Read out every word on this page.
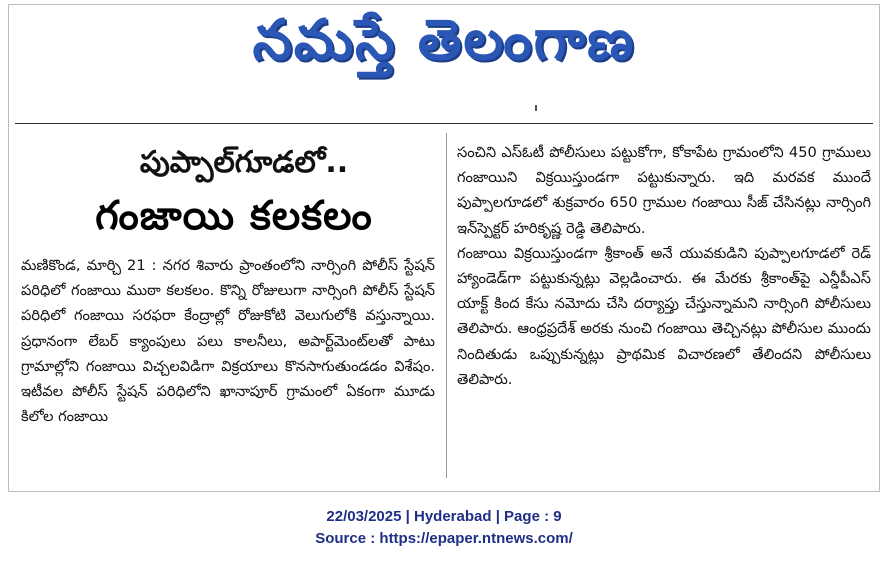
నమస్తే తెలంగాణ
పుప్పాల్‌గూడలో..
గంజాయి కలకలం

మణికొండ, మార్చి 21 : నగర శివారు ప్రాంతంలోని నార్సింగి పోలీస్ స్టేషన్ పరిధిలో గంజాయి ముఠా కలకలం. కొన్ని రోజులుగా నార్సింగి పోలీస్ స్టేషన్ పరిధిలో గంజాయి సరఫరా కేంద్రాల్లో రోజుకోటి వెలుగులోకి వస్తున్నాయి. ప్రధానంగా లేబర్ క్యాంపులు పలు కాలనీలు, అపార్ట్‌మెంట్‌లతో పాటు గ్రామాల్లోని గంజాయి విచ్చలవిడిగా విక్రయాలు కొనసాగుతుండడం విశేషం. ఇటీవల పోలీస్ స్టేషన్ పరిధిలోని ఖానాపూర్ గ్రామంలో ఏకంగా మూడు కిలోల గంజాయి

సంచిని ఎస్‌ఓటీ పోలీసులు పట్టుకోగా, కోకాపేట గ్రామంలోని 450 గ్రాములు గంజాయిని విక్రయిస్తుండగా పట్టుకున్నారు. ఇది మరవక ముందే పుప్పాలగూడలో శుక్రవారం 650 గ్రాముల గంజాయి సీజ్ చేసినట్లు నార్సింగి ఇన్‌స్పెక్టర్ హరికృష్ణ రెడ్డి తెలిపారు.

గంజాయి విక్రయిస్తుండగా శ్రీకాంత్ అనే యువకుడిని పుప్పాలగూడలో రెడ్ హ్యాండెడ్‌గా పట్టుకున్నట్లు వెల్లడించారు. ఈ మేరకు శ్రీకాంత్‌పై ఎన్డీపీఎస్ యాక్ట్ కింద కేసు నమోదు చేసి దర్యాప్తు చేస్తున్నామని నార్సింగి పోలీసులు తెలిపారు. ఆంధ్రప్రదేశ్ అరకు నుంచి గంజాయి తెచ్చినట్లు పోలీసుల ముందు నిందితుడు ఒప్పుకున్నట్లు ప్రాథమిక విచారణలో తేలిందని పోలీసులు తెలిపారు.

22/03/2025 | Hyderabad | Page : 9
Source : https://epaper.ntnews.com/
